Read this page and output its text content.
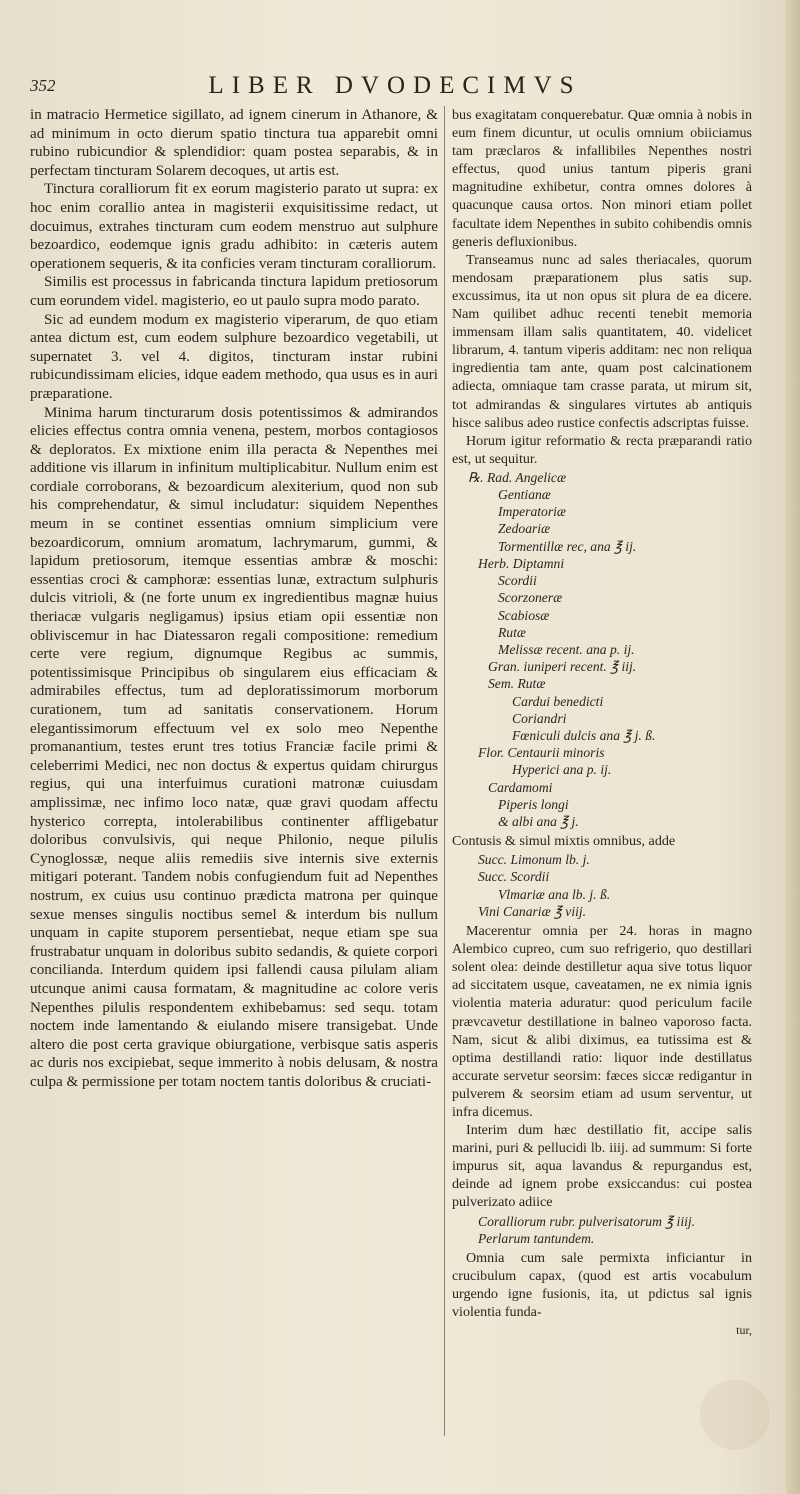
352	LIBER DVODECIMVS

in matracio Hermetice sigillato, ad ignem cinerum in Athanore, & ad minimum in octo dierum spatio tinctura tua apparebit omni rubino rubicundior & splendidior: quam postea separabis, & in perfectam tincturam Solarem decoques, ut artis est.

Tinctura coralliorum fit ex eorum magisterio parato ut supra: ex hoc enim corallio antea in magisterii exquisitissime redact, ut docuimus, extrahes tincturam cum eodem menstruo aut sulphure bezoardico, eodemque ignis gradu adhibito: in cæteris autem operationem sequeris, & ita conficies veram tincturam coralliorum.

Similis est processus in fabricanda tinctura lapidum pretiosorum cum eorundem videl. magisterio, eo ut paulo supra modo parato.

Sic ad eundem modum ex magisterio viperarum, de quo etiam antea dictum est, cum eodem sulphure bezoardico vegetabili, ut supernatet 3. vel 4. digitos, tincturam instar rubini rubicundissimam elicies, idque eadem methodo, qua usus es in auri præparatione.

Minima harum tincturarum dosis potentissimos & admirandos elicies effectus contra omnia venena, pestem, morbos contagiosos & deploratos. Ex mixtione enim illa peracta & Nepenthes mei additione vis illarum in infinitum multiplicabitur. Nullum enim est cordiale corroborans, & bezoardicum alexiterium, quod non sub his comprehendatur, & simul includatur: siquidem Nepenthes meum in se continet essentias omnium simplicium vere bezoardicorum, omnium aromatum, lachrymarum, gummi, & lapidum pretiosorum, itemque essentias ambræ & moschi: essentias croci & camphoræ: essentias lunæ, extractum sulphuris dulcis vitrioli, & (ne forte unum ex ingredientibus magnæ huius theriacæ vulgaris negligamus) ipsius etiam opii essentiæ non obliviscemur in hac Diatessaron regali compositione: remedium certe vere regium, dignumque Regibus ac summis, potentissimisque Principibus ob singularem eius efficaciam & admirabiles effectus, tum ad deploratissimorum morborum curationem, tum ad sanitatis conservationem. Horum elegantissimorum effectuum vel ex solo meo Nepenthe promanantium, testes erunt tres totius Franciæ facile primi & celeberrimi Medici, nec non doctus & expertus quidam chirurgus regius, qui una interfuimus curationi matronæ cuiusdam amplissimæ, nec infimo loco natæ, quæ gravi quodam affectu hysterico correpta, intolerabilibus continenter affligebatur doloribus convulsivis, qui neque Philonio, neque pilulis Cynoglossæ, neque aliis remediis sive internis sive externis mitigari poterant. Tandem nobis confugiendum fuit ad Nepenthes nostrum, ex cuius usu continuo prædicta matrona per quinque sexue menses singulis noctibus semel & interdum bis nullum unquam in capite stuporem persentiebat, neque etiam spe sua frustrabatur unquam in doloribus subito sedandis, & quiete corpori concilianda. Interdum quidem ipsi fallendi causa pilulam aliam utcunque animi causa formatam, & magnitudine ac colore veris Nepenthes pilulis respondentem exhibebamus: sed sequ. totam noctem inde lamentando & eiulando misere transigebat. Unde altero die post certa gravique obiurgatione, verbisque satis asperis ac duris nos excipiebat, seque immerito à nobis delusam, & nostra culpa & permissione per totam noctem tantis doloribus & cruciati-

bus exagitatam conquerebatur. Quæ omnia à nobis in eum finem dicuntur, ut oculis omnium obiiciamus tam præclaros & infallibiles Nepenthes nostri effectus, quod unius tantum piperis grani magnitudine exhibetur, contra omnes dolores à quacunque causa ortos. Non minori etiam pollet facultate idem Nepenthes in subito cohibendis omnis generis defluxionibus.

Transeamus nunc ad sales theriacales, quorum mendosam præparationem plus satis sup. excussimus, ita ut non opus sit plura de ea dicere. Nam quilibet adhuc recenti tenebit memoria immensam illam salis quantitatem, 40. videlicet librarum, 4. tantum viperis additam: nec non reliqua ingredientia tam ante, quam post calcinationem adiecta, omniaque tam crasse parata, ut mirum sit, tot admirandas & singulares virtutes ab antiquis hisce salibus adeo rustice confectis adscriptas fuisse.

Horum igitur reformatio & recta præparandi ratio est, ut sequitur.

℞. Rad. Angelicæ
Gentianæ
Imperatoriæ
Zedoariæ
Tormentillæ rec, ana ℥ ij.
Herb. Diptamni
Scordii
Scorzoneræ
Scabiosæ
Rutæ
Melissæ recent. ana p. ij.
Gran. iuniperi recent. ℥ iij.
Sem. Rutæ
Cardui benedicti
Coriandri
Fœniculi dulcis ana ℥ j. ß.
Flor. Centaurii minoris
Hyperici ana p. ij.
Cardamomi
Piperis longi
& albi ana ℥ j.

Contusis & simul mixtis omnibus, adde

Succ. Limonum lb. j.
Succ. Scordii
Vlmariæ ana lb. j. ß.
Vini Canariæ ℥ viij.

Macerentur omnia per 24. horas in magno Alembico cupreo, cum suo refrigerio, quo destillari solent olea: deinde destilletur aqua sive totus liquor ad siccitatem usque, caveatamen, ne ex nimia ignis violentia materia aduratur: quod periculum facile prævcavetur destillatione in balneo vaporoso facta. Nam, sicut & alibi diximus, ea tutissima est & optima destillandi ratio: liquor inde destillatus accurate servetur seorsim: fæces siccæ redigantur in pulverem & seorsim etiam ad usum serventur, ut infra dicemus.

Interim dum hæc destillatio fit, accipe salis marini, puri & pellucidi lb. iiij. ad summum: Si forte impurus sit, aqua lavandus & repurgandus est, deinde ad ignem probe exsiccandus: cui postea pulverizato adiice

Coralliorum rubr. pulverisatorum ℥ iiij.
Perlarum tantundem.

Omnia cum sale permixta inficiantur in crucibulum capax, (quod est artis vocabulum urgendo igne fusionis, ita, ut pdictus sal ignis violentia funda-

tur,
